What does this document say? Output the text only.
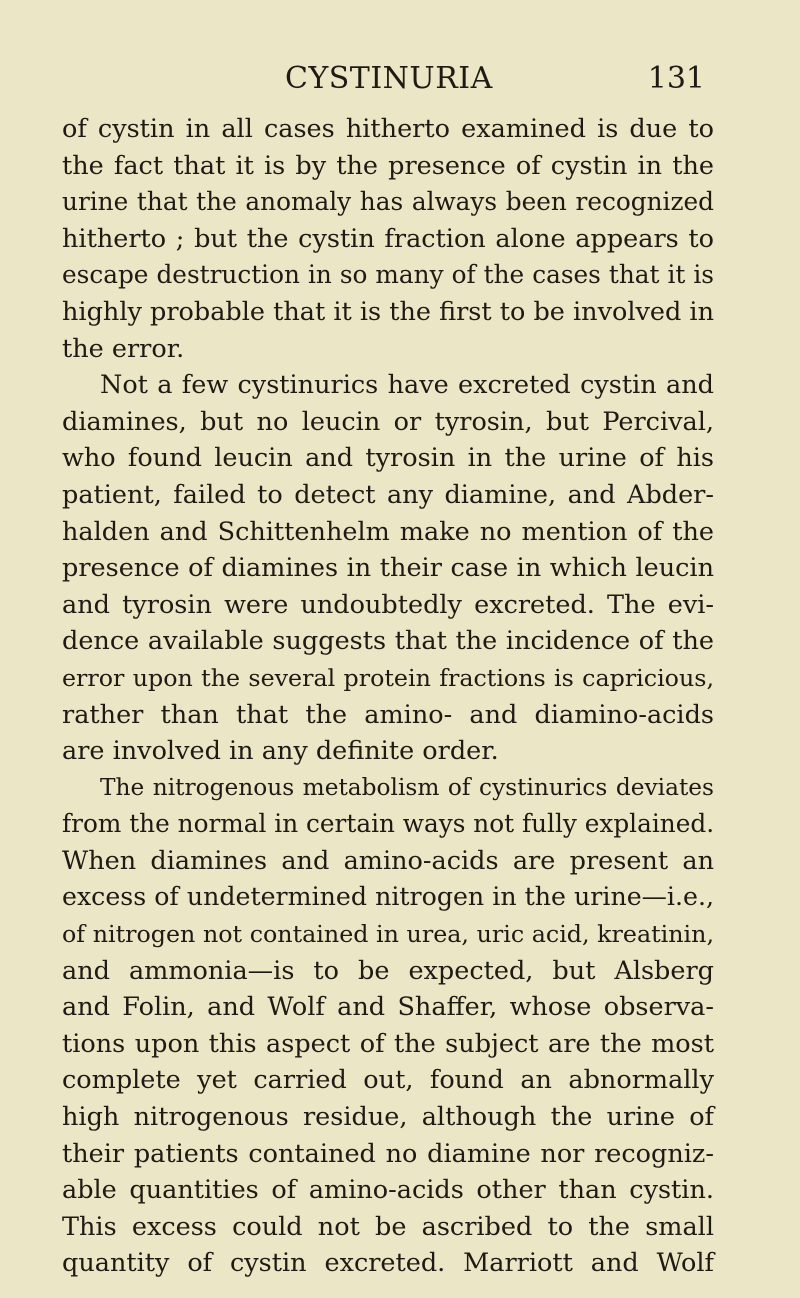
CYSTINURIA	131
of cystin in all cases hitherto examined is due to
the fact that it is by the presence of cystin in the
urine that the anomaly has always been recognized
hitherto ; but the cystin fraction alone appears to
escape destruction in so many of the cases that it is
highly probable that it is the first to be involved in
the error.
Not a few cystinurics have excreted cystin and
diamines, but no leucin or tyrosin, but Percival,
who found leucin and tyrosin in the urine of his
patient, failed to detect any diamine, and Abder-
halden and Schittenhelm make no mention of the
presence of diamines in their case in which leucin
and tyrosin were undoubtedly excreted. The evi-
dence available suggests that the incidence of the
error upon the several protein fractions is capricious,
rather than that the amino- and diamino-acids
are involved in any definite order.
The nitrogenous metabolism of cystinurics deviates
from the normal in certain ways not fully explained.
When diamines and amino-acids are present an
excess of undetermined nitrogen in the urine—i.e.,
of nitrogen not contained in urea, uric acid, kreatinin,
and ammonia—is to be expected, but Alsberg
and Folin, and Wolf and Shaffer, whose observa-
tions upon this aspect of the subject are the most
complete yet carried out, found an abnormally
high nitrogenous residue, although the urine of
their patients contained no diamine nor recogniz-
able quantities of amino-acids other than cystin.
This excess could not be ascribed to the small
quantity of cystin excreted. Marriott and Wolf
